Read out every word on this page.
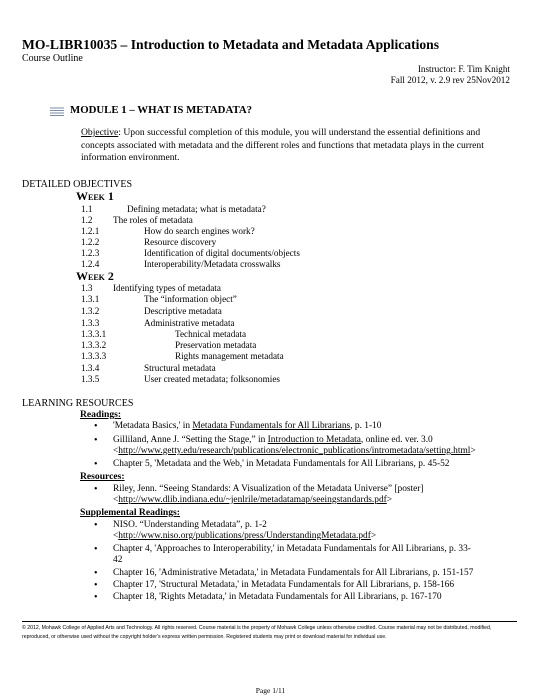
MO-LIBR10035 – Introduction to Metadata and Metadata Applications
Course Outline
Instructor: F. Tim Knight
Fall 2012, v. 2.9 rev 25Nov2012
MODULE 1 – WHAT IS METADATA?
Objective: Upon successful completion of this module, you will understand the essential definitions and concepts associated with metadata and the different roles and functions that metadata plays in the current information environment.
DETAILED OBJECTIVES
Week 1
1.1	Defining metadata; what is metadata?
1.2 The roles of metadata
1.2.1	How do search engines work?
1.2.2	Resource discovery
1.2.3	Identification of digital documents/objects
1.2.4	Interoperability/Metadata crosswalks
Week 2
1.3 Identifying types of metadata
1.3.1	The “information object”
1.3.2	Descriptive metadata
1.3.3	Administrative metadata
1.3.3.1	Technical metadata
1.3.3.2	Preservation metadata
1.3.3.3	Rights management metadata
1.3.4	Structural metadata
1.3.5	User created metadata; folksonomies
LEARNING RESOURCES
Readings:
• 'Metadata Basics,' in Metadata Fundamentals for All Librarians, p. 1-10
• Gilliland, Anne J. “Setting the Stage,” in Introduction to Metadata, online ed. ver. 3.0
<http://www.getty.edu/research/publications/electronic_publications/intrometadata/setting.html>
• Chapter 5, 'Metadata and the Web,' in Metadata Fundamentals for All Librarians, p. 45-52
Resources:
• Riley, Jenn. “Seeing Standards: A Visualization of the Metadata Universe” [poster]
<http://www.dlib.indiana.edu/~jenlrile/metadatamap/seeingstandards.pdf>
Supplemental Readings:
• NISO. “Understanding Metadata”, p. 1-2
<http://www.niso.org/publications/press/UnderstandingMetadata.pdf>
• Chapter 4, 'Approaches to Interoperability,' in Metadata Fundamentals for All Librarians, p. 33-
42
• Chapter 16, 'Administrative Metadata,' in Metadata Fundamentals for All Librarians, p. 151-157
• Chapter 17, 'Structural Metadata,' in Metadata Fundamentals for All Librarians, p. 158-166
• Chapter 18, 'Rights Metadata,' in Metadata Fundamentals for All Librarians, p. 167-170
© 2012, Mohawk College of Applied Arts and Technology. All rights reserved. Course material is the property of Mohawk College unless otherwise credited. Course material may not be distributed, modified, reproduced, or otherwise used without the copyright holder's express written permission. Registered students may print or download material for individual use.
Page 1/11
